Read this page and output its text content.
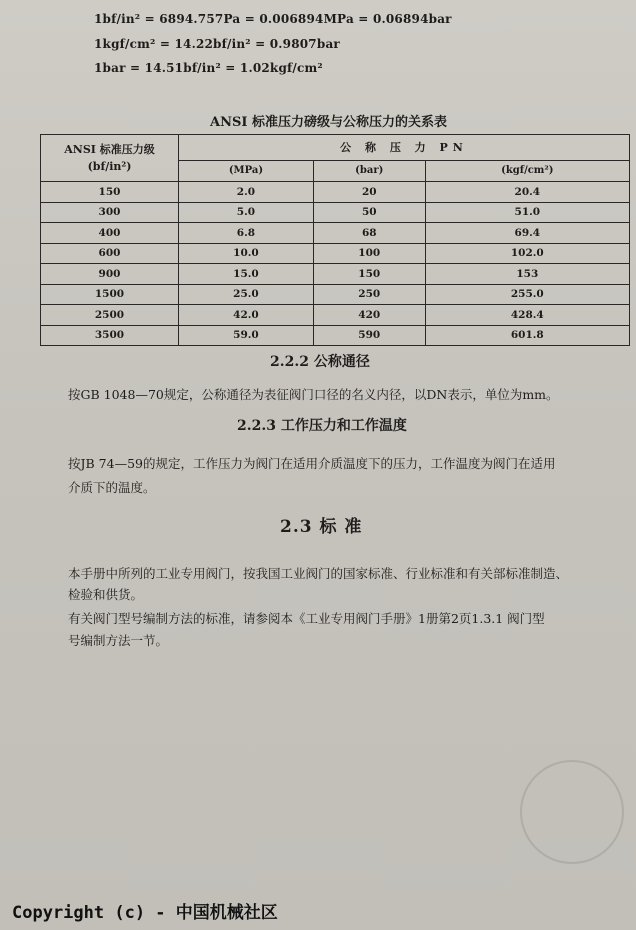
1bf/in² = 6894.757Pa = 0.006894MPa = 0.06894bar
1kgf/cm² = 14.22bf/in² = 0.9807bar
1bar = 14.51bf/in² = 1.02kgf/cm²
ANSI 标准压力磅级与公称压力的关系表
ANSI 标准压力级
(bf/in²)	公 称 压 力 PN		
	(MPa)	(bar)	(kgf/cm²)
150	2.0	20	20.4
300	5.0	50	51.0
400	6.8	68	69.4
600	10.0	100	102.0
900	15.0	150	153
1500	25.0	250	255.0
2500	42.0	420	428.4
3500	59.0	590	601.8
2.2.2 公称通径
按GB 1048—70规定，公称通径为表征阀门口径的名义内径，以DN表示，单位为mm。
2.2.3 工作压力和工作温度
按JB 74—59的规定，工作压力为阀门在适用介质温度下的压力，工作温度为阀门在适用
介质下的温度。
2.3 标 准
本手册中所列的工业专用阀门，按我国工业阀门的国家标准、行业标准和有关部标准制造、
检验和供货。
有关阀门型号编制方法的标准，请参阅本《工业专用阀门手册》1册第2页1.3.1 阀门型
号编制方法一节。
Copyright (c) - 中国机械社区
